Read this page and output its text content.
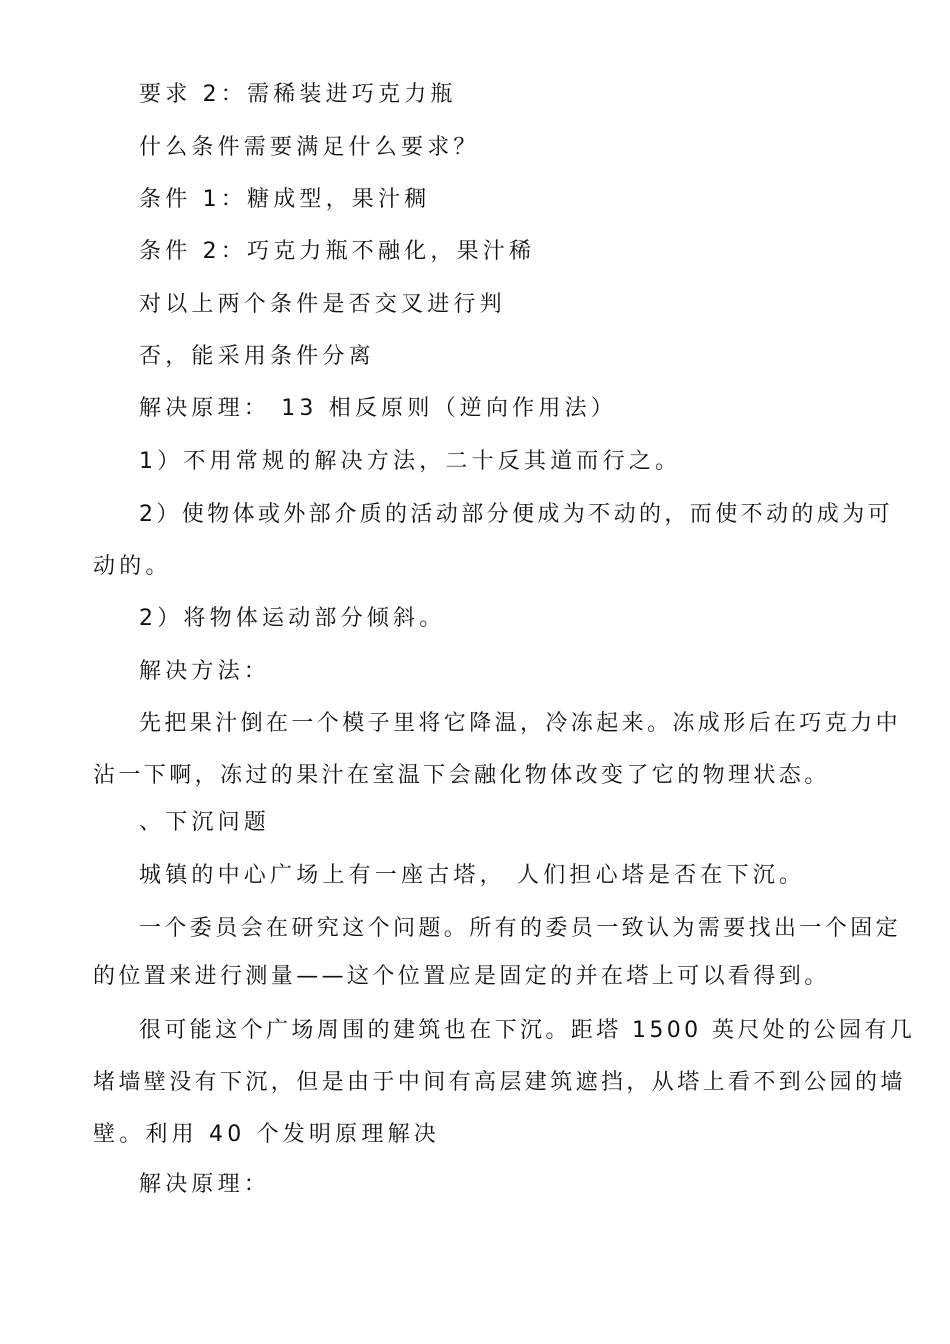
要求 2：需稀装进巧克力瓶

什么条件需要满足什么要求？

条件 1：糖成型，果汁稠

条件 2：巧克力瓶不融化，果汁稀

对以上两个条件是否交叉进行判

否，能采用条件分离

解决原理： 13 相反原则（逆向作用法）

1）不用常规的解决方法，二十反其道而行之。

2）使物体或外部介质的活动部分便成为不动的，而使不动的成为可

动的。

2）将物体运动部分倾斜。

解决方法：

先把果汁倒在一个模子里将它降温，冷冻起来。冻成形后在巧克力中

沾一下啊，冻过的果汁在室温下会融化物体改变了它的物理状态。

、下沉问题

城镇的中心广场上有一座古塔， 人们担心塔是否在下沉。

一个委员会在研究这个问题。所有的委员一致认为需要找出一个固定

的位置来进行测量——这个位置应是固定的并在塔上可以看得到。

很可能这个广场周围的建筑也在下沉。距塔 1500 英尺处的公园有几

堵墙壁没有下沉，但是由于中间有高层建筑遮挡，从塔上看不到公园的墙

壁。利用 40 个发明原理解决

解决原理：
